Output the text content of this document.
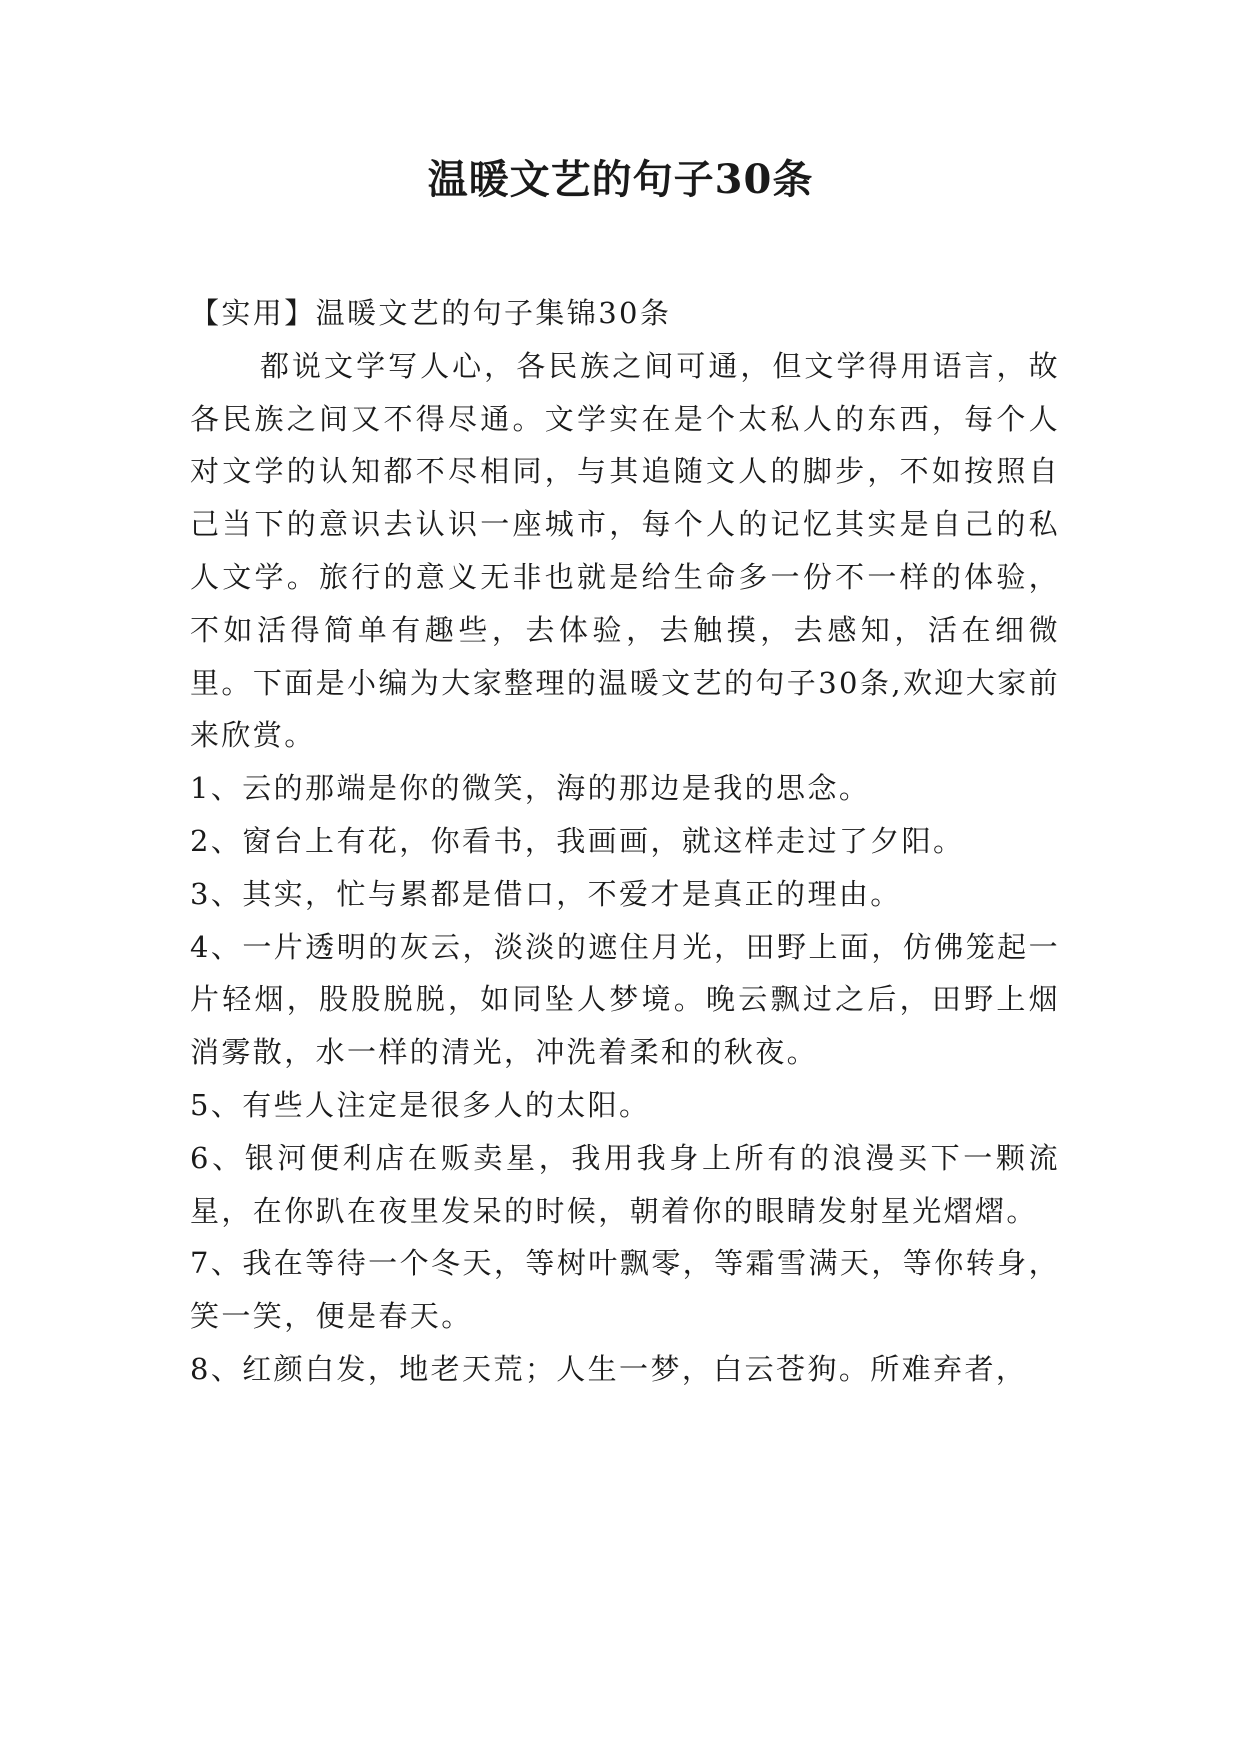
温暖文艺的句子30条

【实用】温暖文艺的句子集锦30条

都说文学写人心，各民族之间可通，但文学得用语言，故各民族之间又不得尽通。文学实在是个太私人的东西，每个人对文学的认知都不尽相同，与其追随文人的脚步，不如按照自己当下的意识去认识一座城市，每个人的记忆其实是自己的私人文学。旅行的意义无非也就是给生命多一份不一样的体验，不如活得简单有趣些，去体验，去触摸，去感知，活在细微里。下面是小编为大家整理的温暖文艺的句子30条,欢迎大家前来欣赏。

1、云的那端是你的微笑，海的那边是我的思念。

2、窗台上有花，你看书，我画画，就这样走过了夕阳。

3、其实，忙与累都是借口，不爱才是真正的理由。

4、一片透明的灰云，淡淡的遮住月光，田野上面，仿佛笼起一片轻烟，股股脱脱，如同坠人梦境。晚云飘过之后，田野上烟消雾散，水一样的清光，冲洗着柔和的秋夜。

5、有些人注定是很多人的太阳。

6、银河便利店在贩卖星，我用我身上所有的浪漫买下一颗流星，在你趴在夜里发呆的时候，朝着你的眼睛发射星光熠熠。

7、我在等待一个冬天，等树叶飘零，等霜雪满天，等你转身，笑一笑，便是春天。

8、红颜白发，地老天荒；人生一梦，白云苍狗。所难弃者，
